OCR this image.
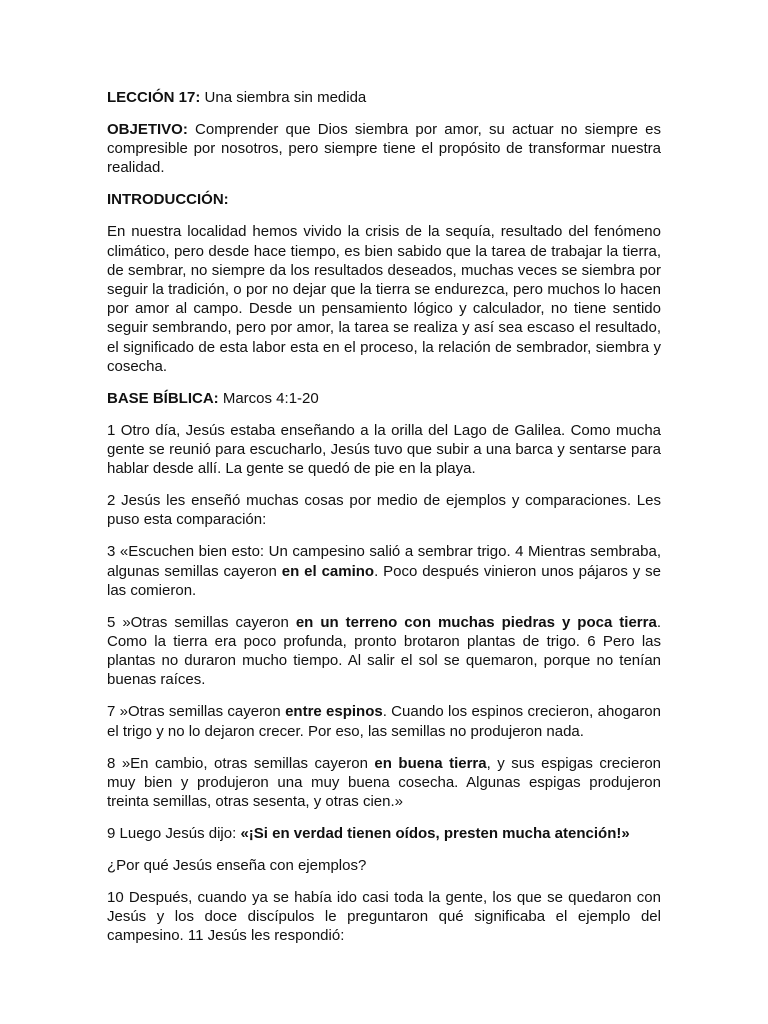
LECCIÓN 17: Una siembra sin medida

OBJETIVO: Comprender que Dios siembra por amor, su actuar no siempre es compresible por nosotros, pero siempre tiene el propósito de transformar nuestra realidad.

INTRODUCCIÓN:

En nuestra localidad hemos vivido la crisis de la sequía, resultado del fenómeno climático, pero desde hace tiempo, es bien sabido que la tarea de trabajar la tierra, de sembrar, no siempre da los resultados deseados, muchas veces se siembra por seguir la tradición, o por no dejar que la tierra se endurezca, pero muchos lo hacen por amor al campo. Desde un pensamiento lógico y calculador, no tiene sentido seguir sembrando, pero por amor, la tarea se realiza y así sea escaso el resultado, el significado de esta labor esta en el proceso, la relación de sembrador, siembra y cosecha.

BASE BÍBLICA: Marcos 4:1-20

1 Otro día, Jesús estaba enseñando a la orilla del Lago de Galilea. Como mucha gente se reunió para escucharlo, Jesús tuvo que subir a una barca y sentarse para hablar desde allí. La gente se quedó de pie en la playa.

2 Jesús les enseñó muchas cosas por medio de ejemplos y comparaciones. Les puso esta comparación:

3 «Escuchen bien esto: Un campesino salió a sembrar trigo. 4 Mientras sembraba, algunas semillas cayeron en el camino. Poco después vinieron unos pájaros y se las comieron.

5 »Otras semillas cayeron en un terreno con muchas piedras y poca tierra. Como la tierra era poco profunda, pronto brotaron plantas de trigo. 6 Pero las plantas no duraron mucho tiempo. Al salir el sol se quemaron, porque no tenían buenas raíces.

7 »Otras semillas cayeron entre espinos. Cuando los espinos crecieron, ahogaron el trigo y no lo dejaron crecer. Por eso, las semillas no produjeron nada.

8 »En cambio, otras semillas cayeron en buena tierra, y sus espigas crecieron muy bien y produjeron una muy buena cosecha. Algunas espigas produjeron treinta semillas, otras sesenta, y otras cien.»

9 Luego Jesús dijo: «¡Si en verdad tienen oídos, presten mucha atención!»

¿Por qué Jesús enseña con ejemplos?

10 Después, cuando ya se había ido casi toda la gente, los que se quedaron con Jesús y los doce discípulos le preguntaron qué significaba el ejemplo del campesino. 11 Jesús les respondió:
